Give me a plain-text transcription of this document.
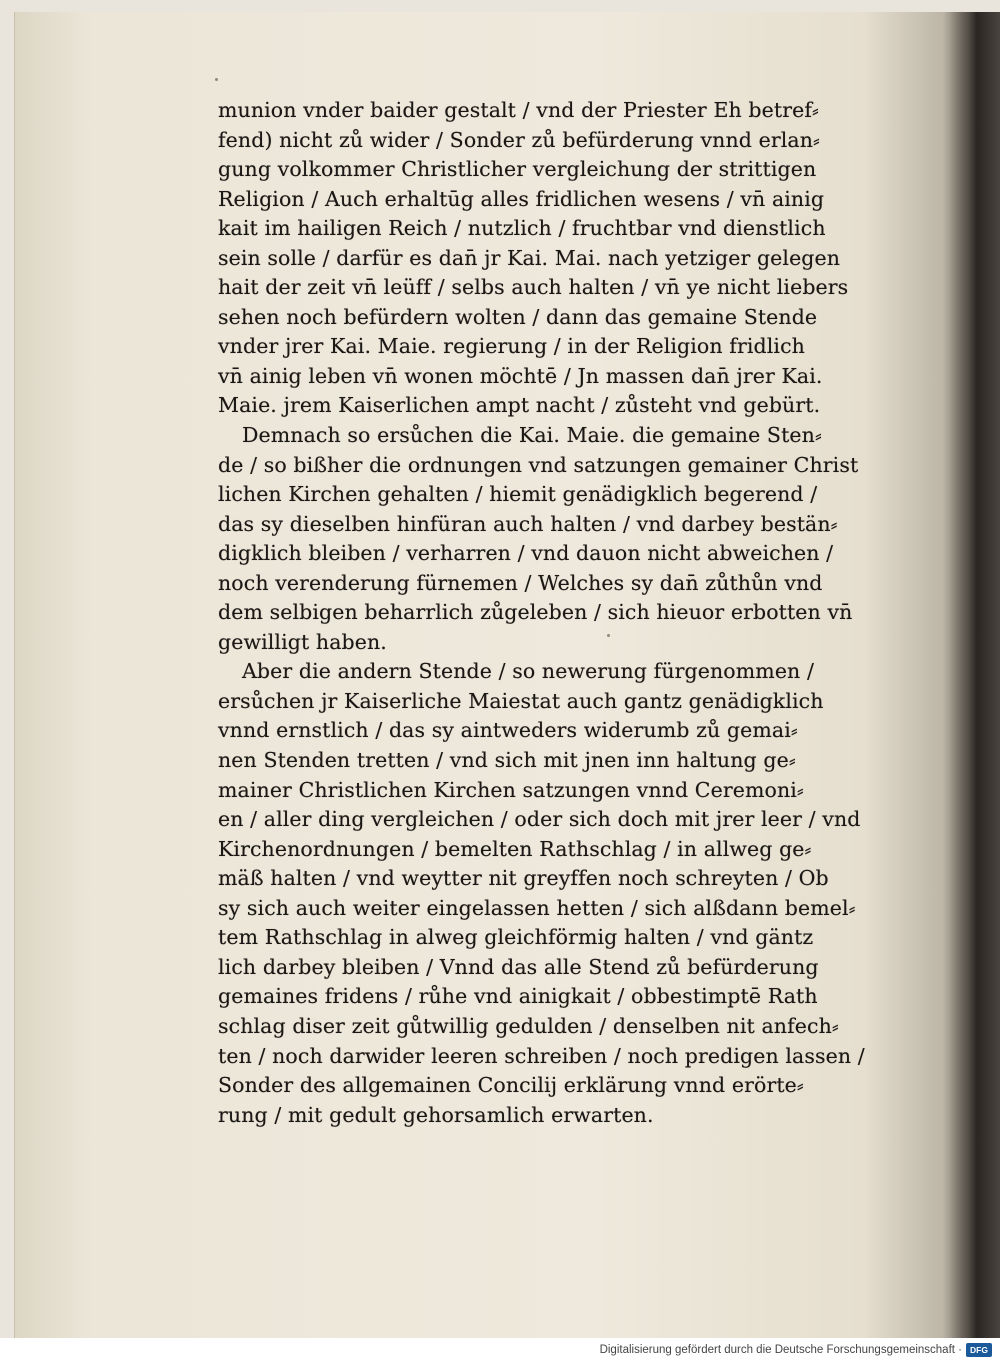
munion vnder baider gestalt / vnd der Priester Eh betref⸗
fend) nicht zů wider / Sonder zů befürderung vnnd erlan⸗
gung volkommer Christlicher vergleichung der strittigen
Religion / Auch erhaltūg alles fridlichen wesens / vn̄ ainig
kait im hailigen Reich / nutzlich / fruchtbar vnd dienstlich
sein solle / darfür es dan̄ jr Kai. Mai. nach yetziger gelegen
hait der zeit vn̄ leüff / selbs auch halten / vn̄ ye nicht liebers
sehen noch befürdern wolten / dann das gemaine Stende
vnder jrer Kai. Maie. regierung / in der Religion fridlich
vn̄ ainig leben vn̄ wonen möchtē / Jn massen dan̄ jrer Kai.
Maie. jrem Kaiserlichen ampt nacht / zůsteht vnd gebürt.
Demnach so ersůchen die Kai. Maie. die gemaine Sten⸗
de / so bißher die ordnungen vnd satzungen gemainer Christ
lichen Kirchen gehalten / hiemit genädigklich begerend /
das sy dieselben hinfüran auch halten / vnd darbey bestän⸗
digklich bleiben / verharren / vnd dauon nicht abweichen /
noch verenderung fürnemen / Welches sy dan̄ zůthůn vnd
dem selbigen beharrlich zůgeleben / sich hieuor erbotten vn̄
gewilligt haben.
Aber die andern Stende / so newerung fürgenommen /
ersůchen jr Kaiserliche Maiestat auch gantz genädigklich
vnnd ernstlich / das sy aintweders widerumb zů gemai⸗
nen Stenden tretten / vnd sich mit jnen inn haltung ge⸗
mainer Christlichen Kirchen satzungen vnnd Ceremoni⸗
en / aller ding vergleichen / oder sich doch mit jrer leer / vnd
Kirchenordnungen / bemelten Rathschlag / in allweg ge⸗
mäß halten / vnd weytter nit greyffen noch schreyten / Ob
sy sich auch weiter eingelassen hetten / sich alßdann bemel⸗
tem Rathschlag in alweg gleichförmig halten / vnd gäntz
lich darbey bleiben / Vnnd das alle Stend zů befürderung
gemaines fridens / růhe vnd ainigkait / obbestimptē Rath
schlag diser zeit gůtwillig gedulden / denselben nit anfech⸗
ten / noch darwider leeren schreiben / noch predigen lassen /
Sonder des allgemainen Concilij erklärung vnnd erörte⸗
rung / mit gedult gehorsamlich erwarten.
Digitalisierung gefördert durch die Deutsche Forschungsgemeinschaft · DFG
